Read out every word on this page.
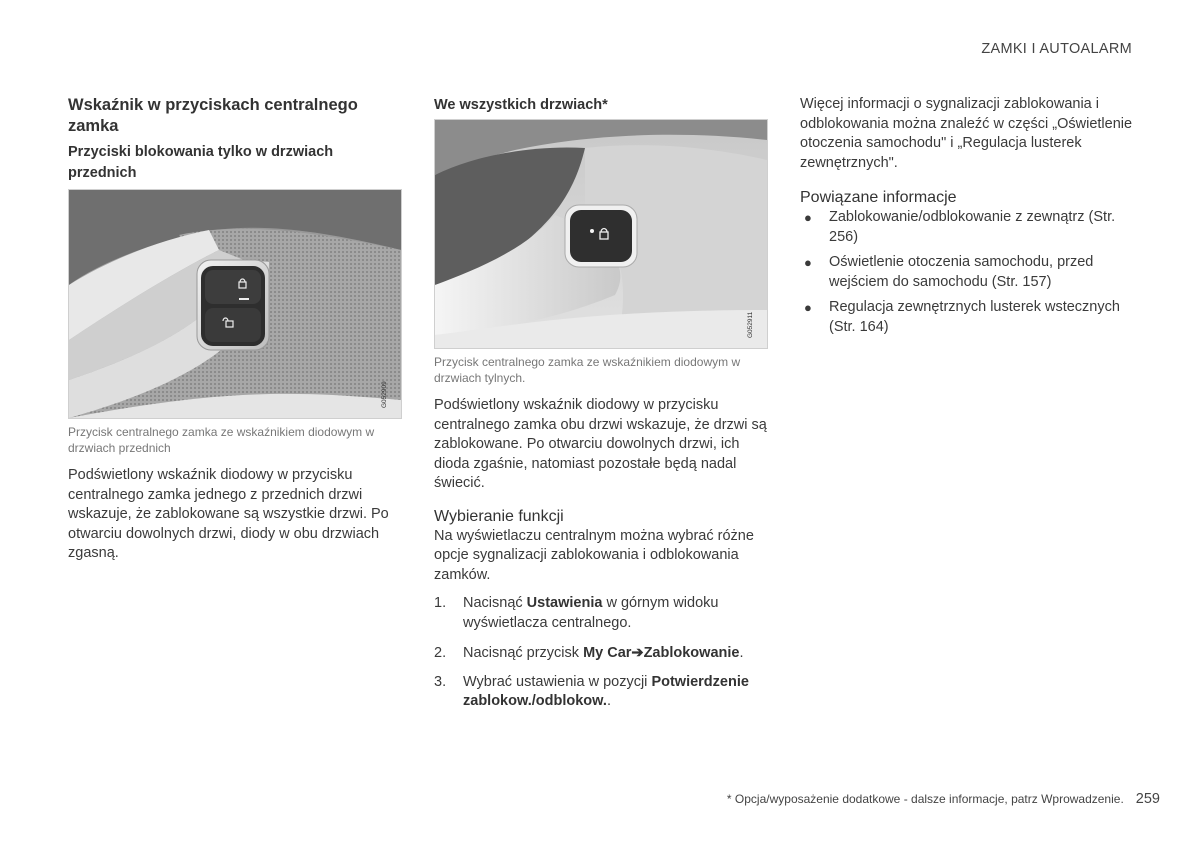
ZAMKI I AUTOALARM
Wskaźnik w przyciskach centralnego zamka
Przyciski blokowania tylko w drzwiach przednich
G052909
Przycisk centralnego zamka ze wskaźnikiem diodowym w drzwiach przednich

Podświetlony wskaźnik diodowy w przycisku centralnego zamka jednego z przednich drzwi wskazuje, że zablokowane są wszystkie drzwi. Po otwarciu dowolnych drzwi, diody w obu drzwiach zgasną.

We wszystkich drzwiach*
G052911
Przycisk centralnego zamka ze wskaźnikiem diodowym w drzwiach tylnych.

Podświetlony wskaźnik diodowy w przycisku centralnego zamka obu drzwi wskazuje, że drzwi są zablokowane. Po otwarciu dowolnych drzwi, ich dioda zgaśnie, natomiast pozostałe będą nadal świecić.

Wybieranie funkcji

Na wyświetlaczu centralnym można wybrać różne opcje sygnalizacji zablokowania i odblokowania zamków.

1. Nacisnąć Ustawienia w górnym widoku wyświetlacza centralnego.
2. Nacisnąć przycisk My Car➔Zablokowanie.
3. Wybrać ustawienia w pozycji Potwierdzenie zablokow./odblokow..

Więcej informacji o sygnalizacji zablokowania i odblokowania można znaleźć w części „Oświetlenie otoczenia samochodu" i „Regulacja lusterek zewnętrznych".

Powiązane informacje
● Zablokowanie/odblokowanie z zewnątrz (Str. 256)
● Oświetlenie otoczenia samochodu, przed wejściem do samochodu (Str. 157)
● Regulacja zewnętrznych lusterek wstecznych (Str. 164)
* Opcja/wyposażenie dodatkowe - dalsze informacje, patrz Wprowadzenie. 259
